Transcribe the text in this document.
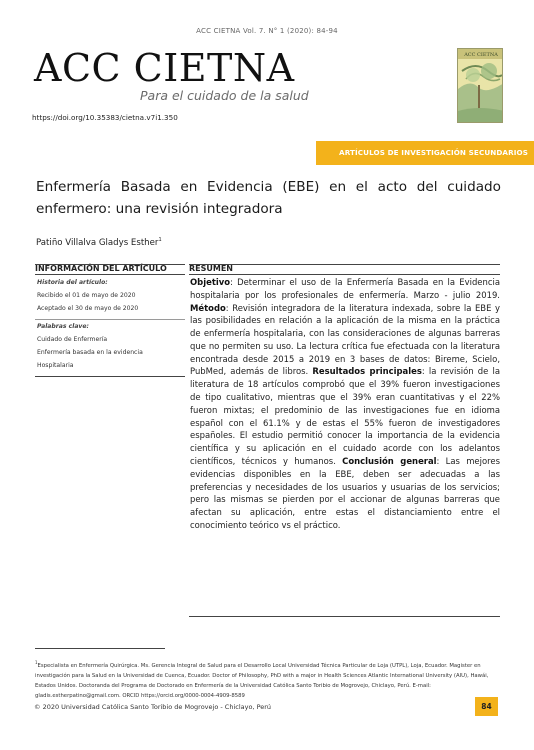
ACC CIETNA Vol. 7. N° 1 (2020): 84-94
ACC CIETNA
Para el cuidado de la salud
https://doi.org/10.35383/cietna.v7i1.350
ACC CIETNA
ARTÍCULOS DE INVESTIGACIÓN SECUNDARIOS
Enfermería Basada en Evidencia (EBE) en el acto del cuidado enfermero: una revisión integradora
Patiño Villalva Gladys Esther$^1$
INFORMACIÓN DEL ARTÍCULO	RESUMEN
Historia del artículo:
Recibido el 01 de mayo de 2020
Aceptado el 30 de mayo de 2020
Palabras clave:
Cuidado de Enfermería
Enfermería basada en la evidencia
Hospitalaria
Objetivo: Determinar el uso de la Enfermería Basada en la Evidencia hospitalaria por los profesionales de enfermería. Marzo - julio 2019. Método: Revisión integradora de la literatura indexada, sobre la EBE y las posibilidades en relación a la aplicación de la misma en la práctica de enfermería hospitalaria, con las consideraciones de algunas barreras que no permiten su uso. La lectura crítica fue efectuada con la literatura encontrada desde 2015 a 2019 en 3 bases de datos: Bireme, Scielo, PubMed, además de libros. Resultados principales: la revisión de la literatura de 18 artículos comprobó que el 39% fueron investigaciones de tipo cualitativo, mientras que el 39% eran cuantitativas y el 22% fueron mixtas; el predominio de las investigaciones fue en idioma español con el 61.1% y de estas el 55% fueron de investigadores españoles. El estudio permitió conocer la importancia de la evidencia científica y su aplicación en el cuidado acorde con los adelantos científicos, técnicos y humanos. Conclusión general: Las mejores evidencias disponibles en la EBE, deben ser adecuadas a las preferencias y necesidades de los usuarios y usuarias de los servicios; pero las mismas se pierden por el accionar de algunas barreras que afectan su aplicación, entre estas el distanciamiento entre el conocimiento teórico vs el práctico.
$^1$Especialista en Enfermería Quirúrgica. Ms. Gerencia Integral de Salud para el Desarrollo Local Universidad Técnica Particular de Loja (UTPL), Loja, Ecuador. Magister en investigación para la Salud en la Universidad de Cuenca, Ecuador. Doctor of Philosophy, PhD with a major in Health Sciences Atlantic International University (AIU), Hawái, Estados Unidos. Doctoranda del Programa de Doctorado en Enfermería de la Universidad Católica Santo Toribio de Mogrovejo, Chiclayo, Perú. E-mail: gladis.estherpatino@gmail.com. ORCID https://orcid.org/0000-0004-4909-8589
© 2020 Universidad Católica Santo Toribio de Mogrovejo - Chiclayo, Perú	84
